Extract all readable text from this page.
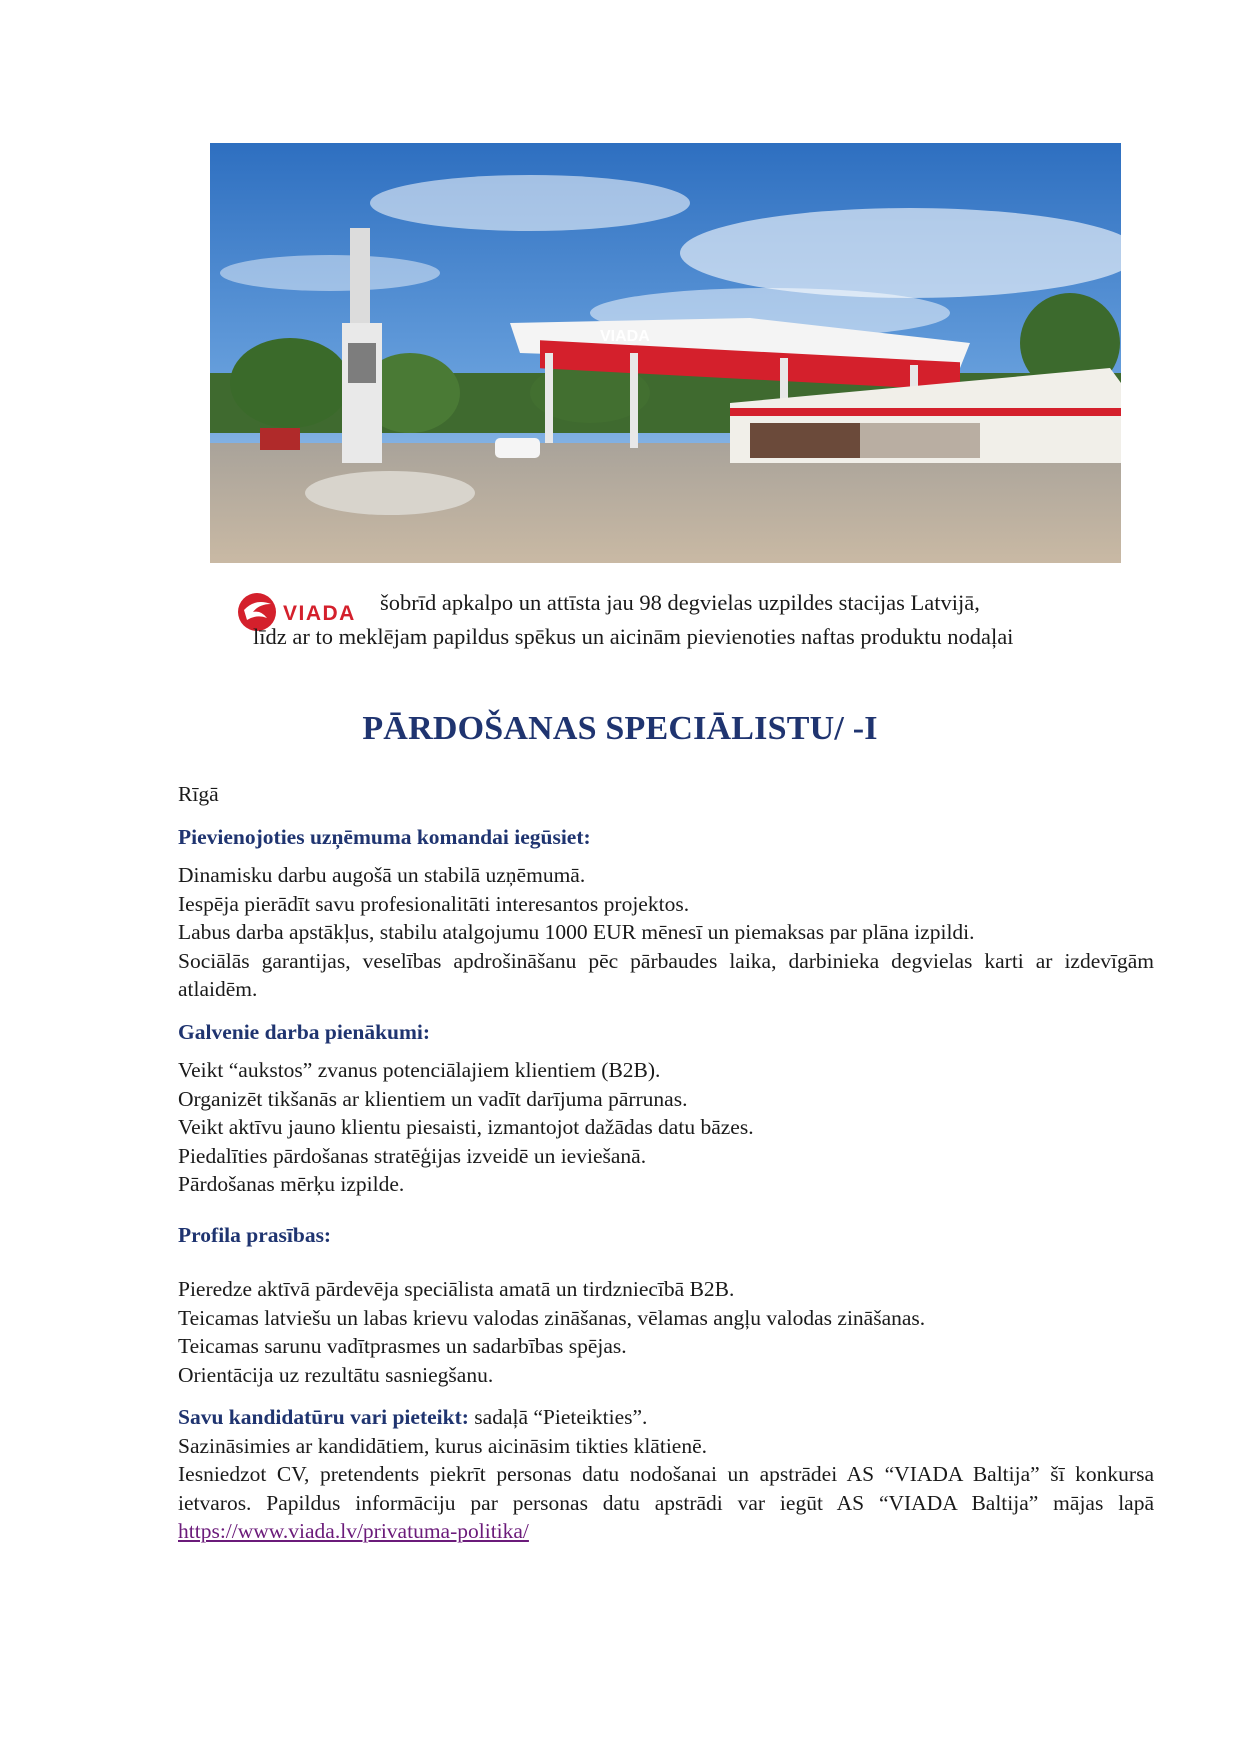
VIADA
VIADA šobrīd apkalpo un attīsta jau 98 degvielas uzpildes stacijas Latvijā,
līdz ar to meklējam papildus spēkus un aicinām pievienoties naftas produktu nodaļai
PĀRDOŠANAS SPECIĀLISTU/ -I

Rīgā

Pievienojoties uzņēmuma komandai iegūsiet:
Dinamisku darbu augošā un stabilā uzņēmumā.
Iespēja pierādīt savu profesionalitāti interesantos projektos.
Labus darba apstākļus, stabilu atalgojumu 1000 EUR mēnesī un piemaksas par plāna izpildi.
Sociālās garantijas, veselības apdrošināšanu pēc pārbaudes laika, darbinieka degvielas karti ar izdevīgām atlaidēm.
Galvenie darba pienākumi:
Veikt “aukstos” zvanus potenciālajiem klientiem (B2B).
Organizēt tikšanās ar klientiem un vadīt darījuma pārrunas.
Veikt aktīvu jauno klientu piesaisti, izmantojot dažādas datu bāzes.
Piedalīties pārdošanas stratēģijas izveidē un ieviešanā.
Pārdošanas mērķu izpilde.
Profila prasības:
Pieredze aktīvā pārdevēja speciālista amatā un tirdzniecībā B2B.
Teicamas latviešu un labas krievu valodas zināšanas, vēlamas angļu valodas zināšanas.
Teicamas sarunu vadītprasmes un sadarbības spējas.
Orientācija uz rezultātu sasniegšanu.

Savu kandidatūru vari pieteikt: sadaļā “Pieteikties”.

Sazināsimies ar kandidātiem, kurus aicināsim tikties klātienē.

Iesniedzot CV, pretendents piekrīt personas datu nodošanai un apstrādei AS “VIADA Baltija” šī konkursa ietvaros. Papildus informāciju par personas datu apstrādi var iegūt AS “VIADA Baltija” mājas lapā https://www.viada.lv/privatuma-politika/
